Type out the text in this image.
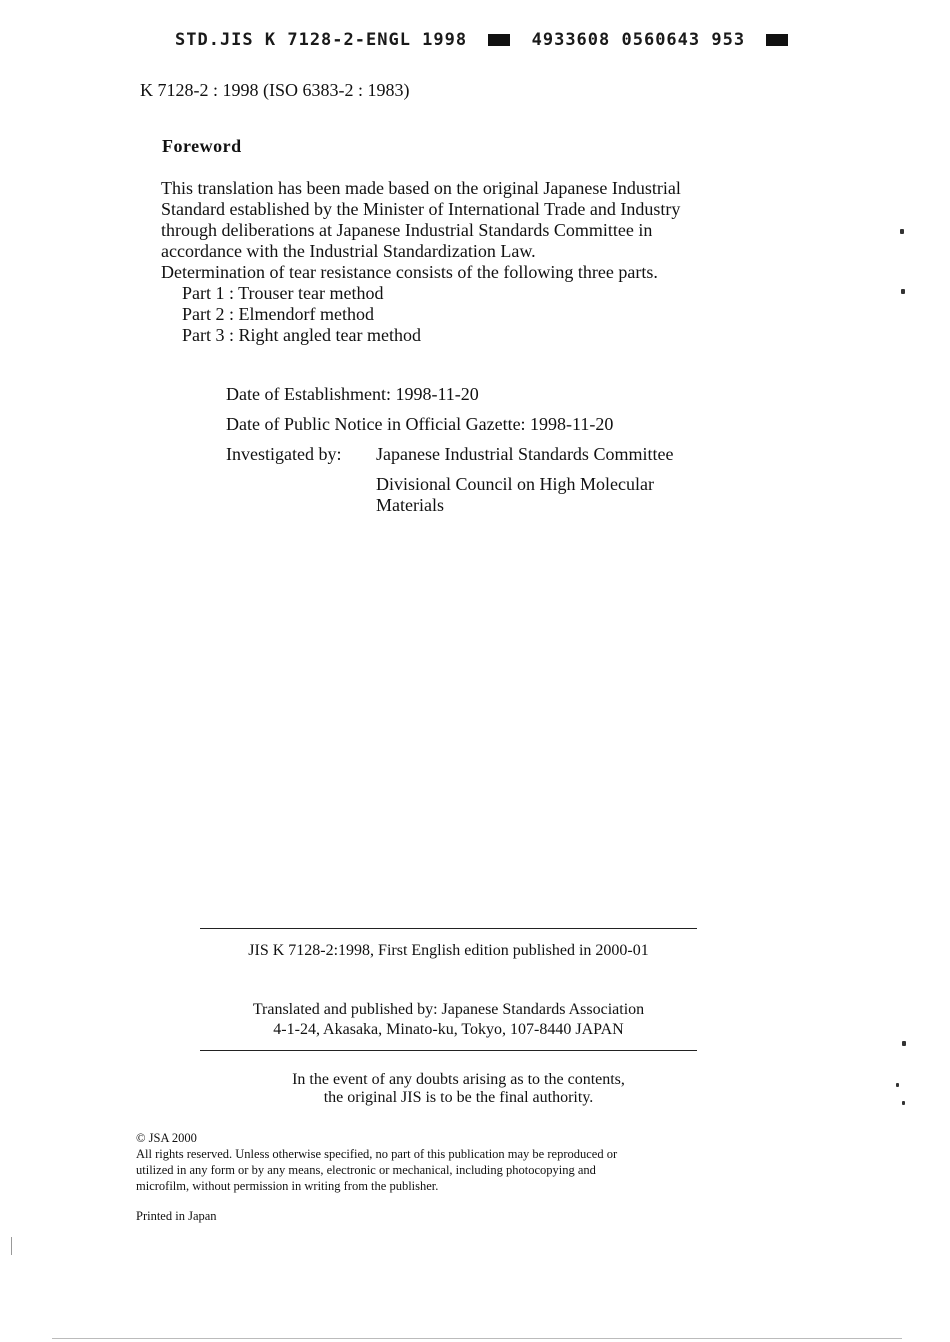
STD.JIS K 7128-2-ENGL 1998	4933608 0560643 953
K 7128-2 : 1998 (ISO 6383-2 : 1983)
Foreword
This translation has been made based on the original Japanese Industrial
Standard established by the Minister of International Trade and Industry
through deliberations at Japanese Industrial Standards Committee in
accordance with the Industrial Standardization Law.
Determination of tear resistance consists of the following three parts.
Part 1 : Trouser tear method
Part 2 : Elmendorf method
Part 3 : Right angled tear method
Date of Establishment: 1998-11-20
Date of Public Notice in Official Gazette: 1998-11-20
Investigated by: Japanese Industrial Standards Committee
Divisional Council on High Molecular
Materials
JIS K 7128-2:1998, First English edition published in 2000-01
Translated and published by: Japanese Standards Association
4-1-24, Akasaka, Minato-ku, Tokyo, 107-8440 JAPAN
In the event of any doubts arising as to the contents,
the original JIS is to be the final authority.
© JSA 2000
All rights reserved. Unless otherwise specified, no part of this publication may be reproduced or
utilized in any form or by any means, electronic or mechanical, including photocopying and
microfilm, without permission in writing from the publisher.
Printed in Japan
